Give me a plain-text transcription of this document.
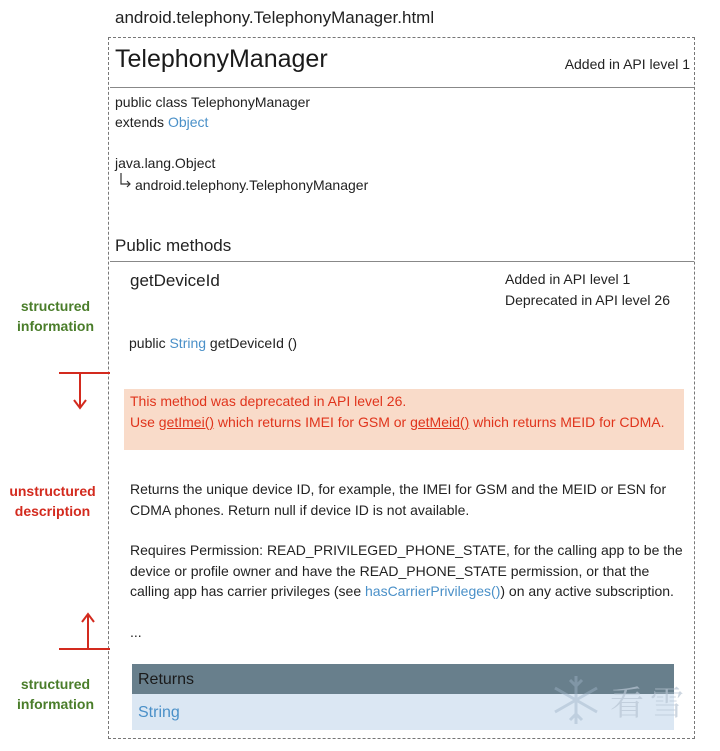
android.telephony.TelephonyManager.html
TelephonyManager	Added in API level 1
public class TelephonyManager
extends Object
java.lang.Object
android.telephony.TelephonyManager
Public methods
getDeviceId	Added in API level 1
Deprecated in API level 26
public String getDeviceId ()
This method was deprecated in API level 26.
Use getImei() which returns IMEI for GSM or getMeid() which returns MEID for CDMA.
Returns the unique device ID, for example, the IMEI for GSM and the MEID or ESN for CDMA phones. Return null if device ID is not available.
Requires Permission: READ_PRIVILEGED_PHONE_STATE, for the calling app to be the device or profile owner and have the READ_PHONE_STATE permission, or that the calling app has carrier privileges (see hasCarrierPrivileges()) on any active subscription.
...
Returns
String
structured
information
unstructured
description
structured
information	看雪
